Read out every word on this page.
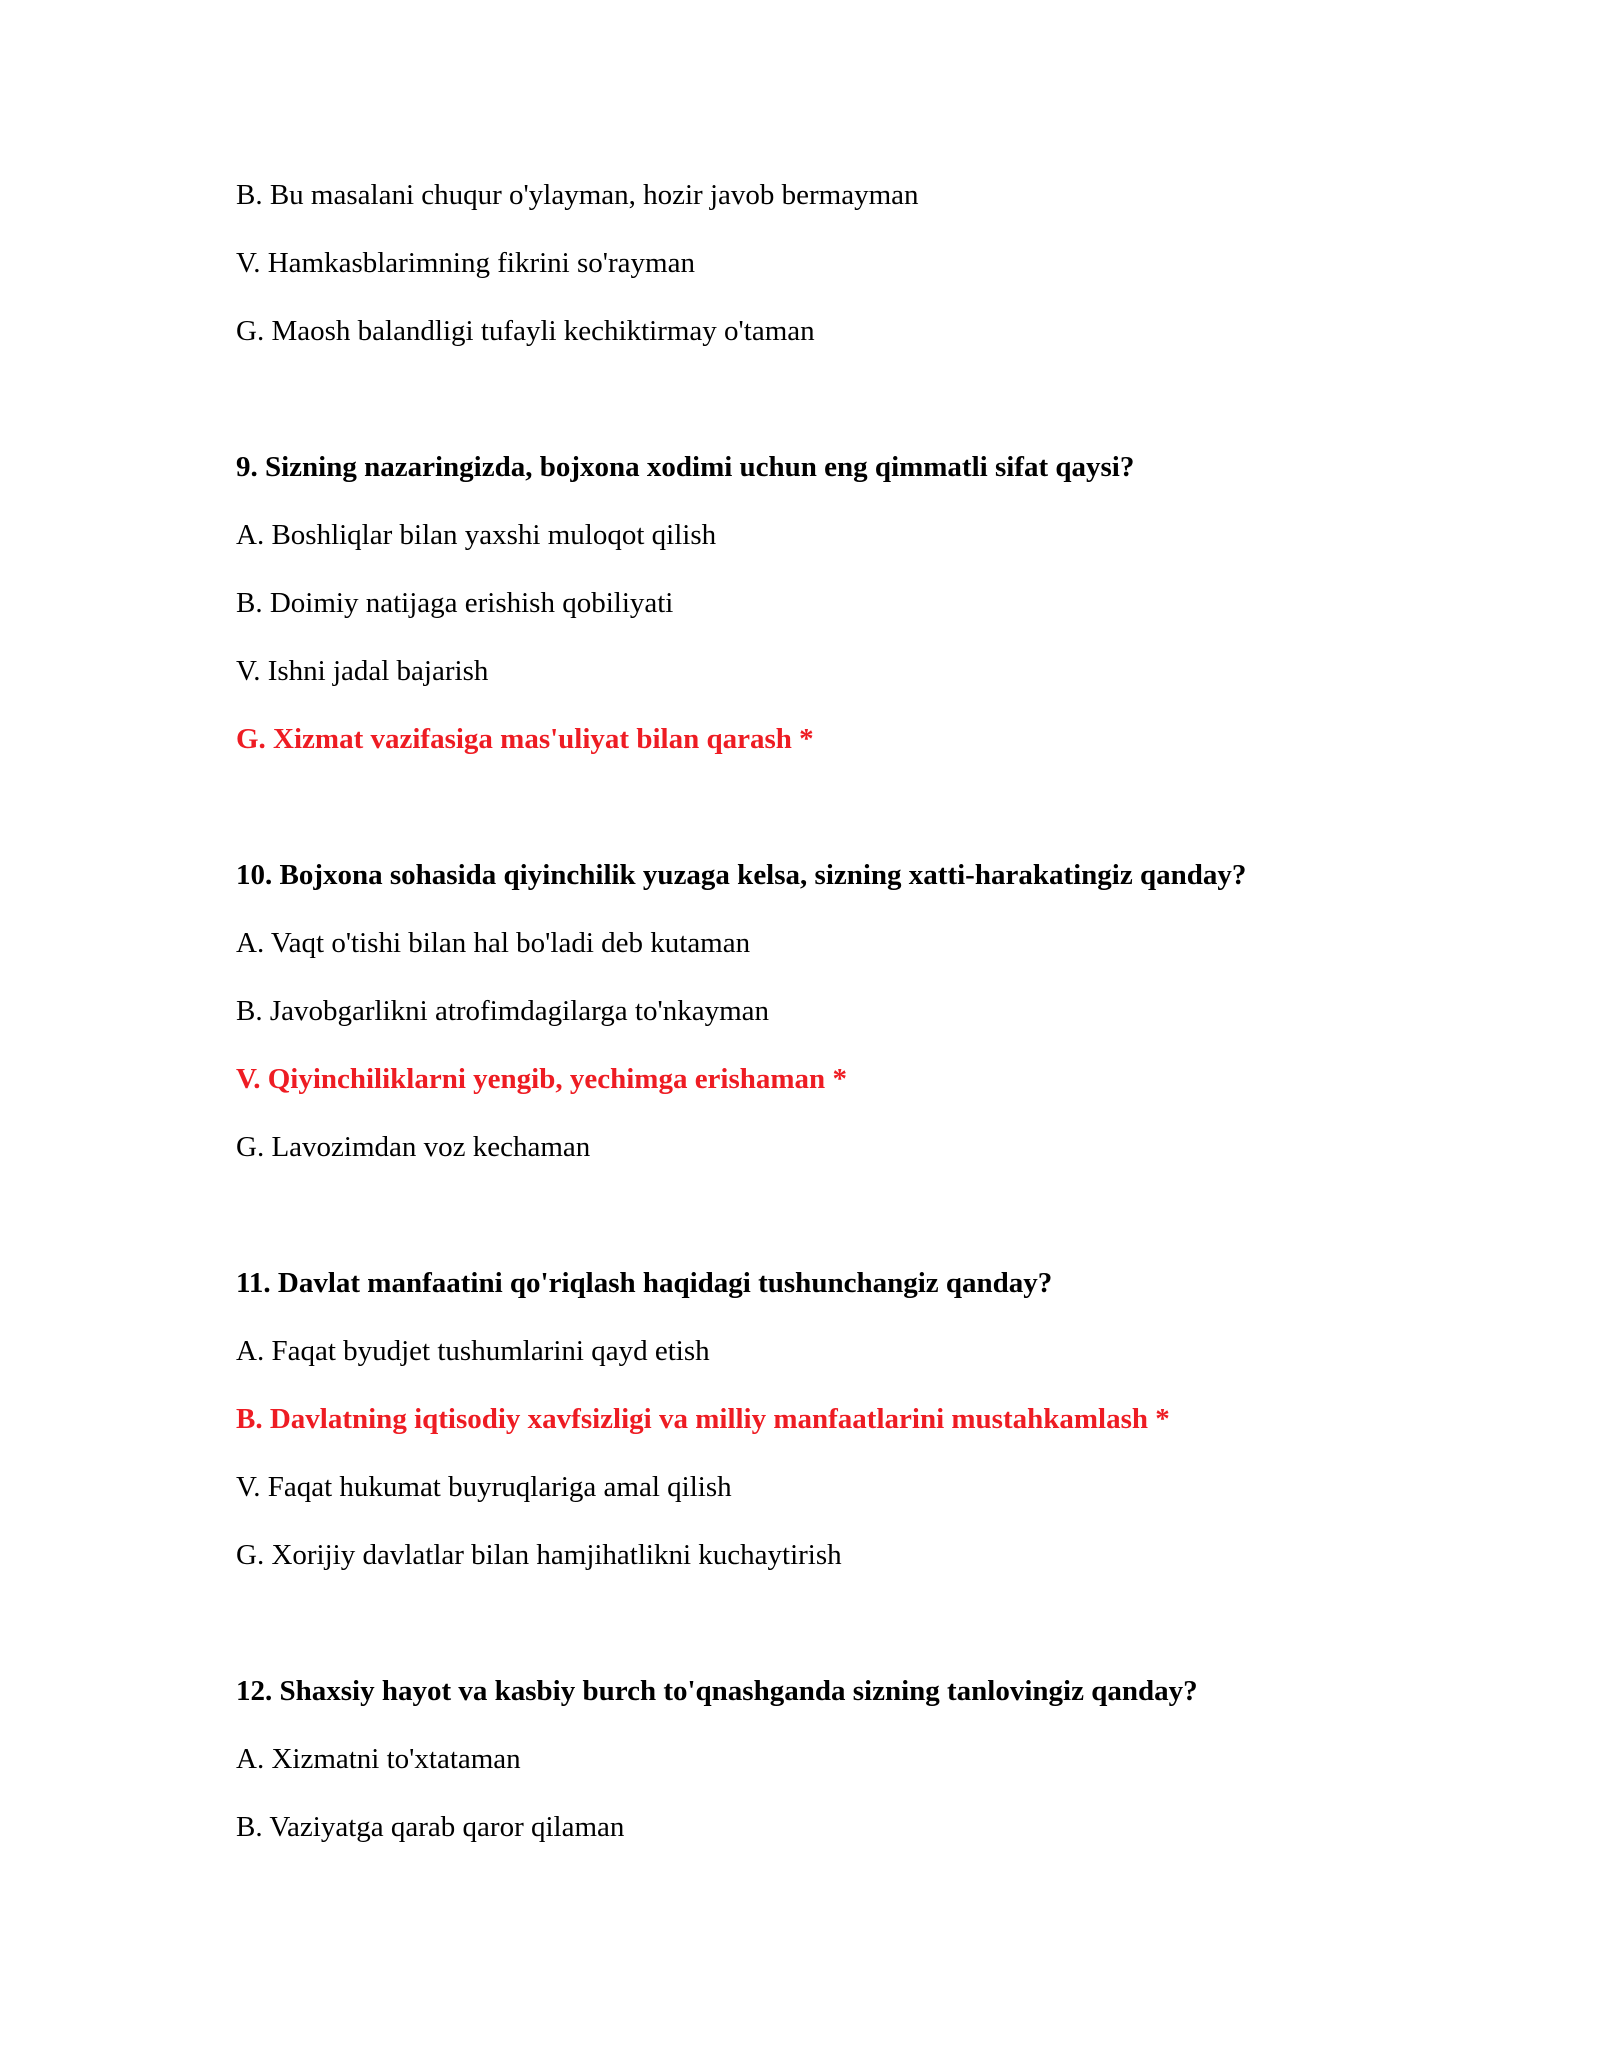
B. Bu masalani chuqur o'ylayman, hozir javob bermayman
V. Hamkasblarimning fikrini so'rayman
G. Maosh balandligi tufayli kechiktirmay o'taman
9. Sizning nazaringizda, bojxona xodimi uchun eng qimmatli sifat qaysi?
A. Boshliqlar bilan yaxshi muloqot qilish
B. Doimiy natijaga erishish qobiliyati
V. Ishni jadal bajarish
G. Xizmat vazifasiga mas'uliyat bilan qarash *
10. Bojxona sohasida qiyinchilik yuzaga kelsa, sizning xatti-harakatingiz qanday?
A. Vaqt o'tishi bilan hal bo'ladi deb kutaman
B. Javobgarlikni atrofimdagilarga to'nkayman
V. Qiyinchiliklarni yengib, yechimga erishaman *
G. Lavozimdan voz kechaman
11. Davlat manfaatini qo'riqlash haqidagi tushunchangiz qanday?
A. Faqat byudjet tushumlarini qayd etish
B. Davlatning iqtisodiy xavfsizligi va milliy manfaatlarini mustahkamlash *
V. Faqat hukumat buyruqlariga amal qilish
G. Xorijiy davlatlar bilan hamjihatlikni kuchaytirish
12. Shaxsiy hayot va kasbiy burch to'qnashganda sizning tanlovingiz qanday?
A. Xizmatni to'xtataman
B. Vaziyatga qarab qaror qilaman
